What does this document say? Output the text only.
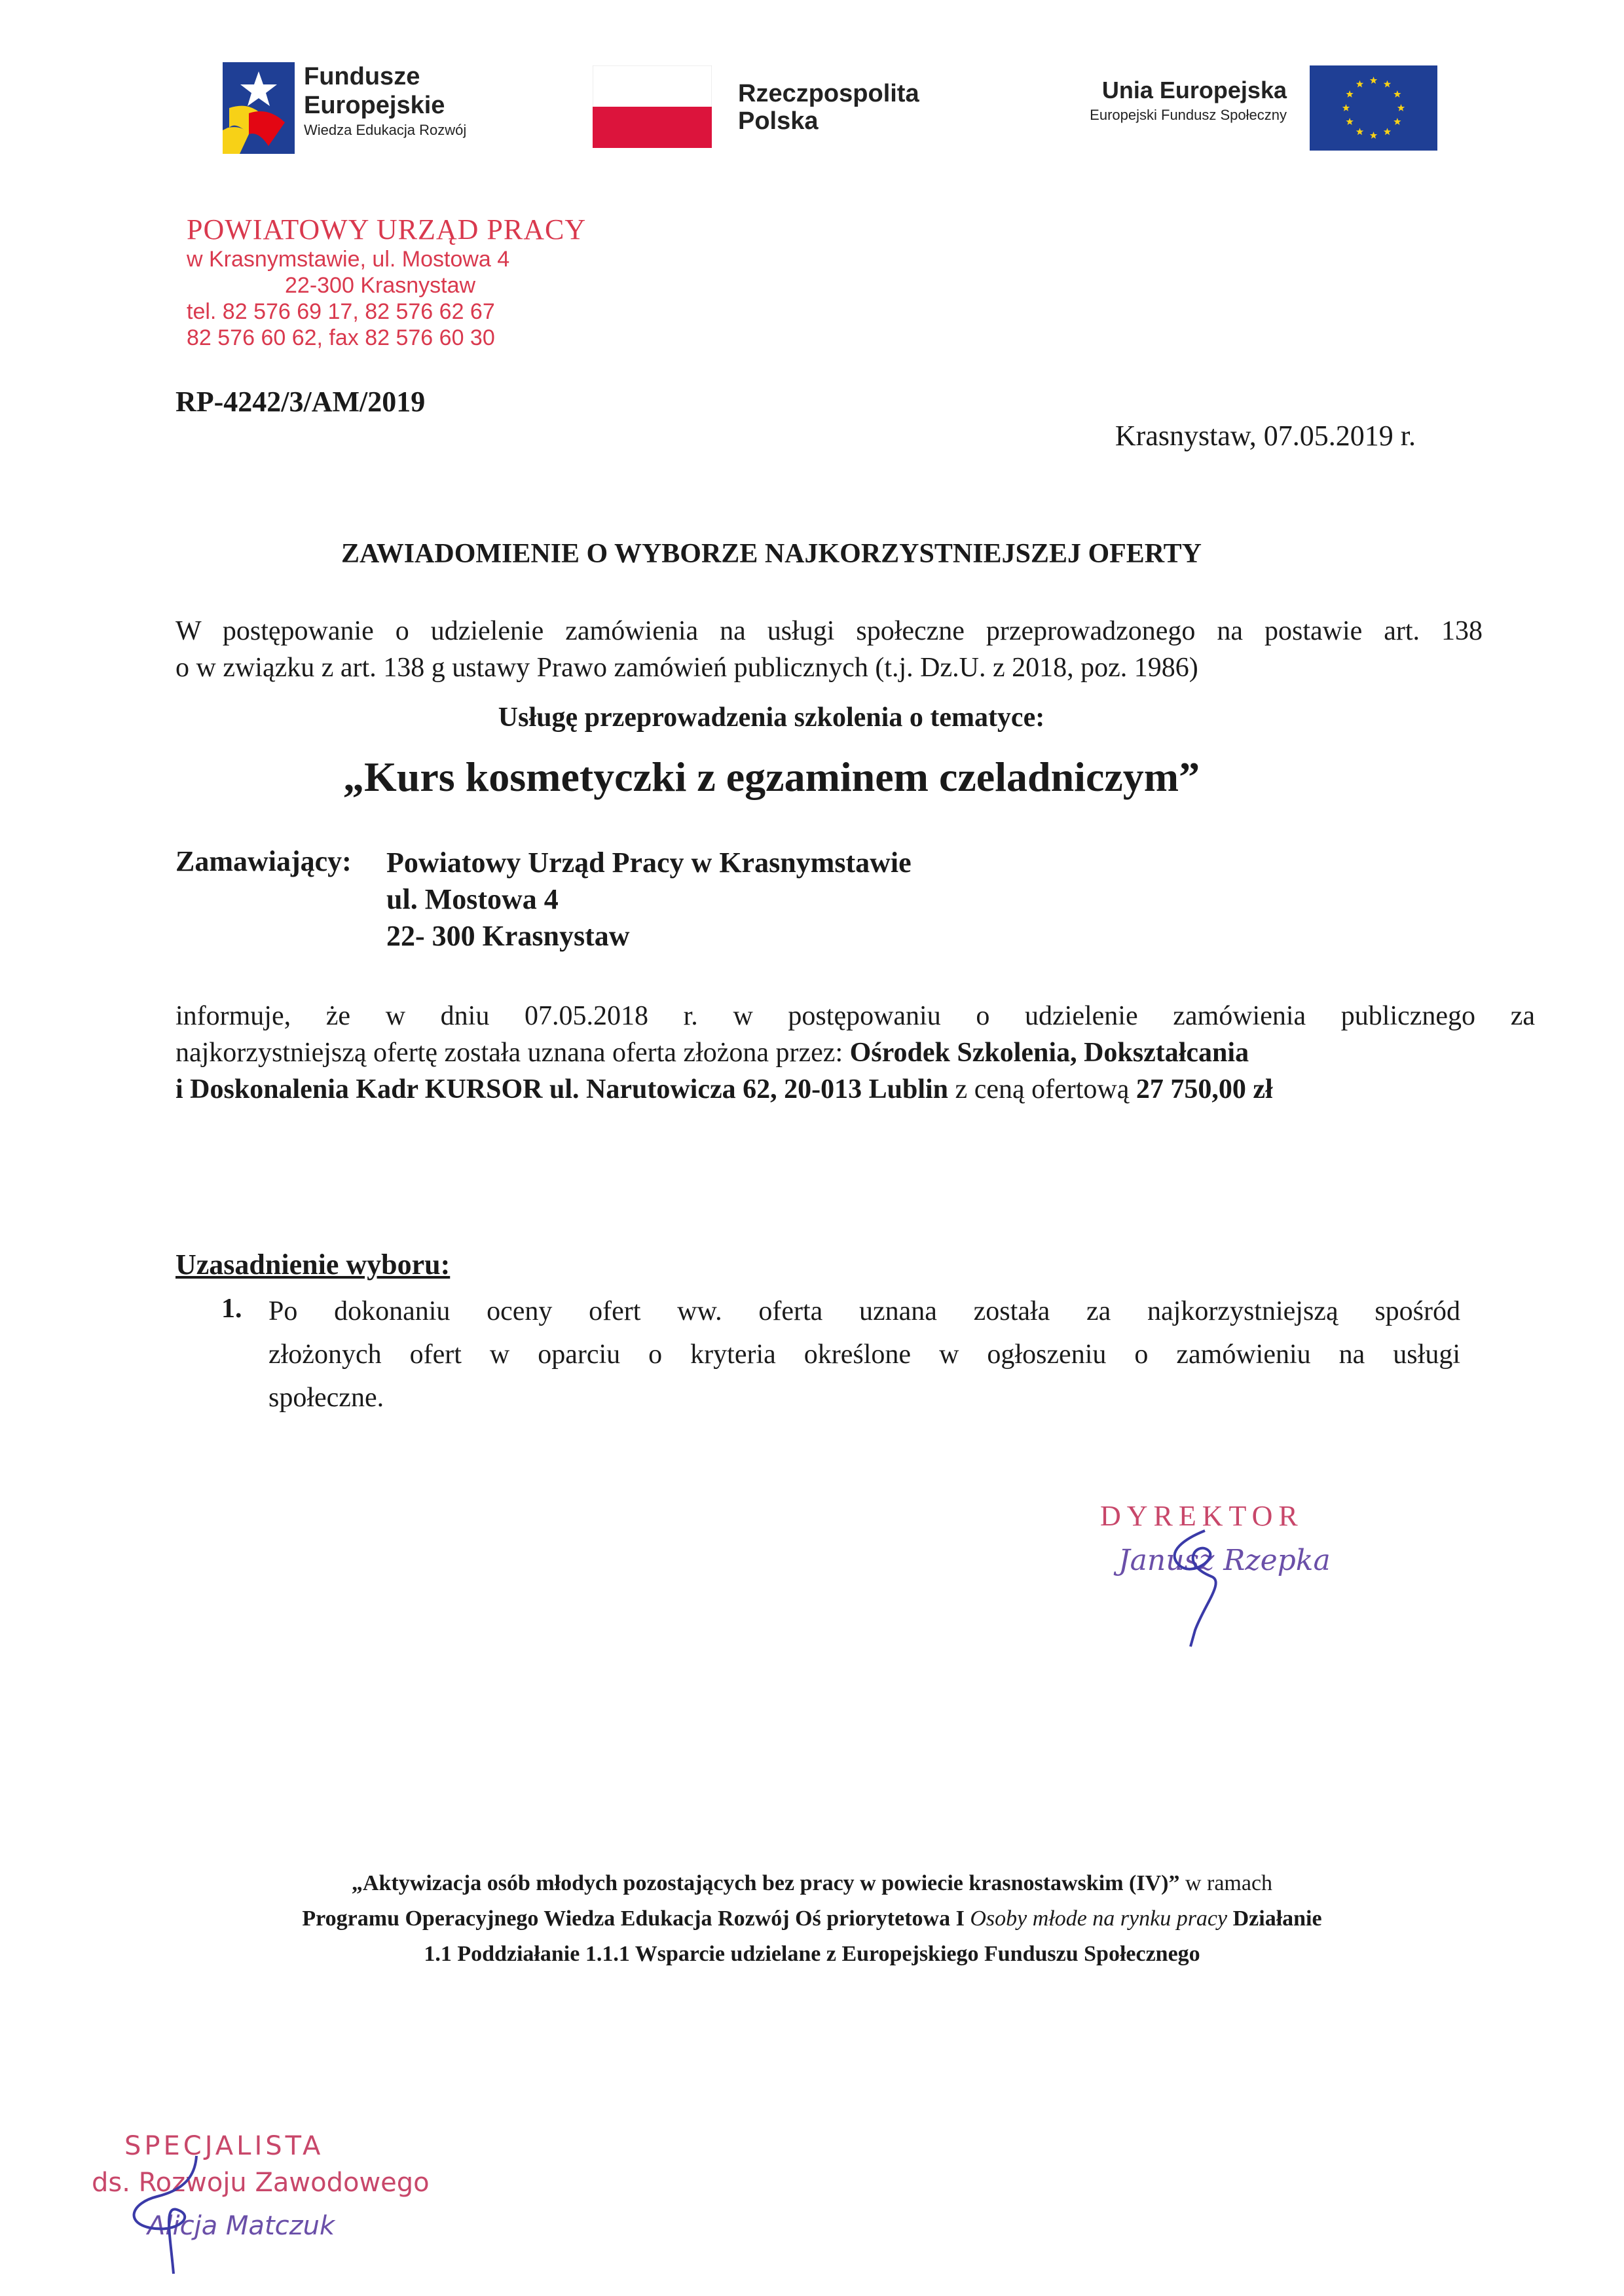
Fundusze
Europejskie
Wiedza Edukacja Rozwój
Rzeczpospolita
Polska
Unia Europejska
Europejski Fundusz Społeczny
POWIATOWY URZĄD PRACY
w Krasnymstawie, ul. Mostowa 4
22-300 Krasnystaw
tel. 82 576 69 17, 82 576 62 67
82 576 60 62, fax 82 576 60 30
RP-4242/3/AM/2019
Krasnystaw, 07.05.2019 r.
ZAWIADOMIENIE O WYBORZE NAJKORZYSTNIEJSZEJ OFERTY
W postępowanie o udzielenie zamówienia na usługi społeczne przeprowadzonego na postawie art. 138
o w związku z art. 138 g ustawy Prawo zamówień publicznych (t.j. Dz.U. z 2018, poz. 1986)
Usługę przeprowadzenia szkolenia o tematyce:
„Kurs kosmetyczki z egzaminem czeladniczym”
Zamawiający: Powiatowy Urząd Pracy w Krasnymstawie
ul. Mostowa 4
22- 300 Krasnystaw
informuje, że w dniu 07.05.2018 r. w postępowaniu o udzielenie zamówienia publicznego za
najkorzystniejszą ofertę została uznana oferta złożona przez: Ośrodek Szkolenia, Dokształcania
i Doskonalenia Kadr KURSOR ul. Narutowicza 62, 20-013 Lublin z ceną ofertową 27 750,00 zł
Uzasadnienie wyboru:
1. Po dokonaniu oceny ofert ww. oferta uznana została za najkorzystniejszą spośród
złożonych ofert w oparciu o kryteria określone w ogłoszeniu o zamówieniu na usługi
społeczne.
DYREKTOR
Janusz Rzepka
„Aktywizacja osób młodych pozostających bez pracy w powiecie krasnostawskim (IV)” w ramach
Programu Operacyjnego Wiedza Edukacja Rozwój Oś priorytetowa I Osoby młode na rynku pracy Działanie
1.1 Poddziałanie 1.1.1 Wsparcie udzielane z Europejskiego Funduszu Społecznego
SPECJALISTA
ds. Rozwoju Zawodowego
Alicja Matczuk
